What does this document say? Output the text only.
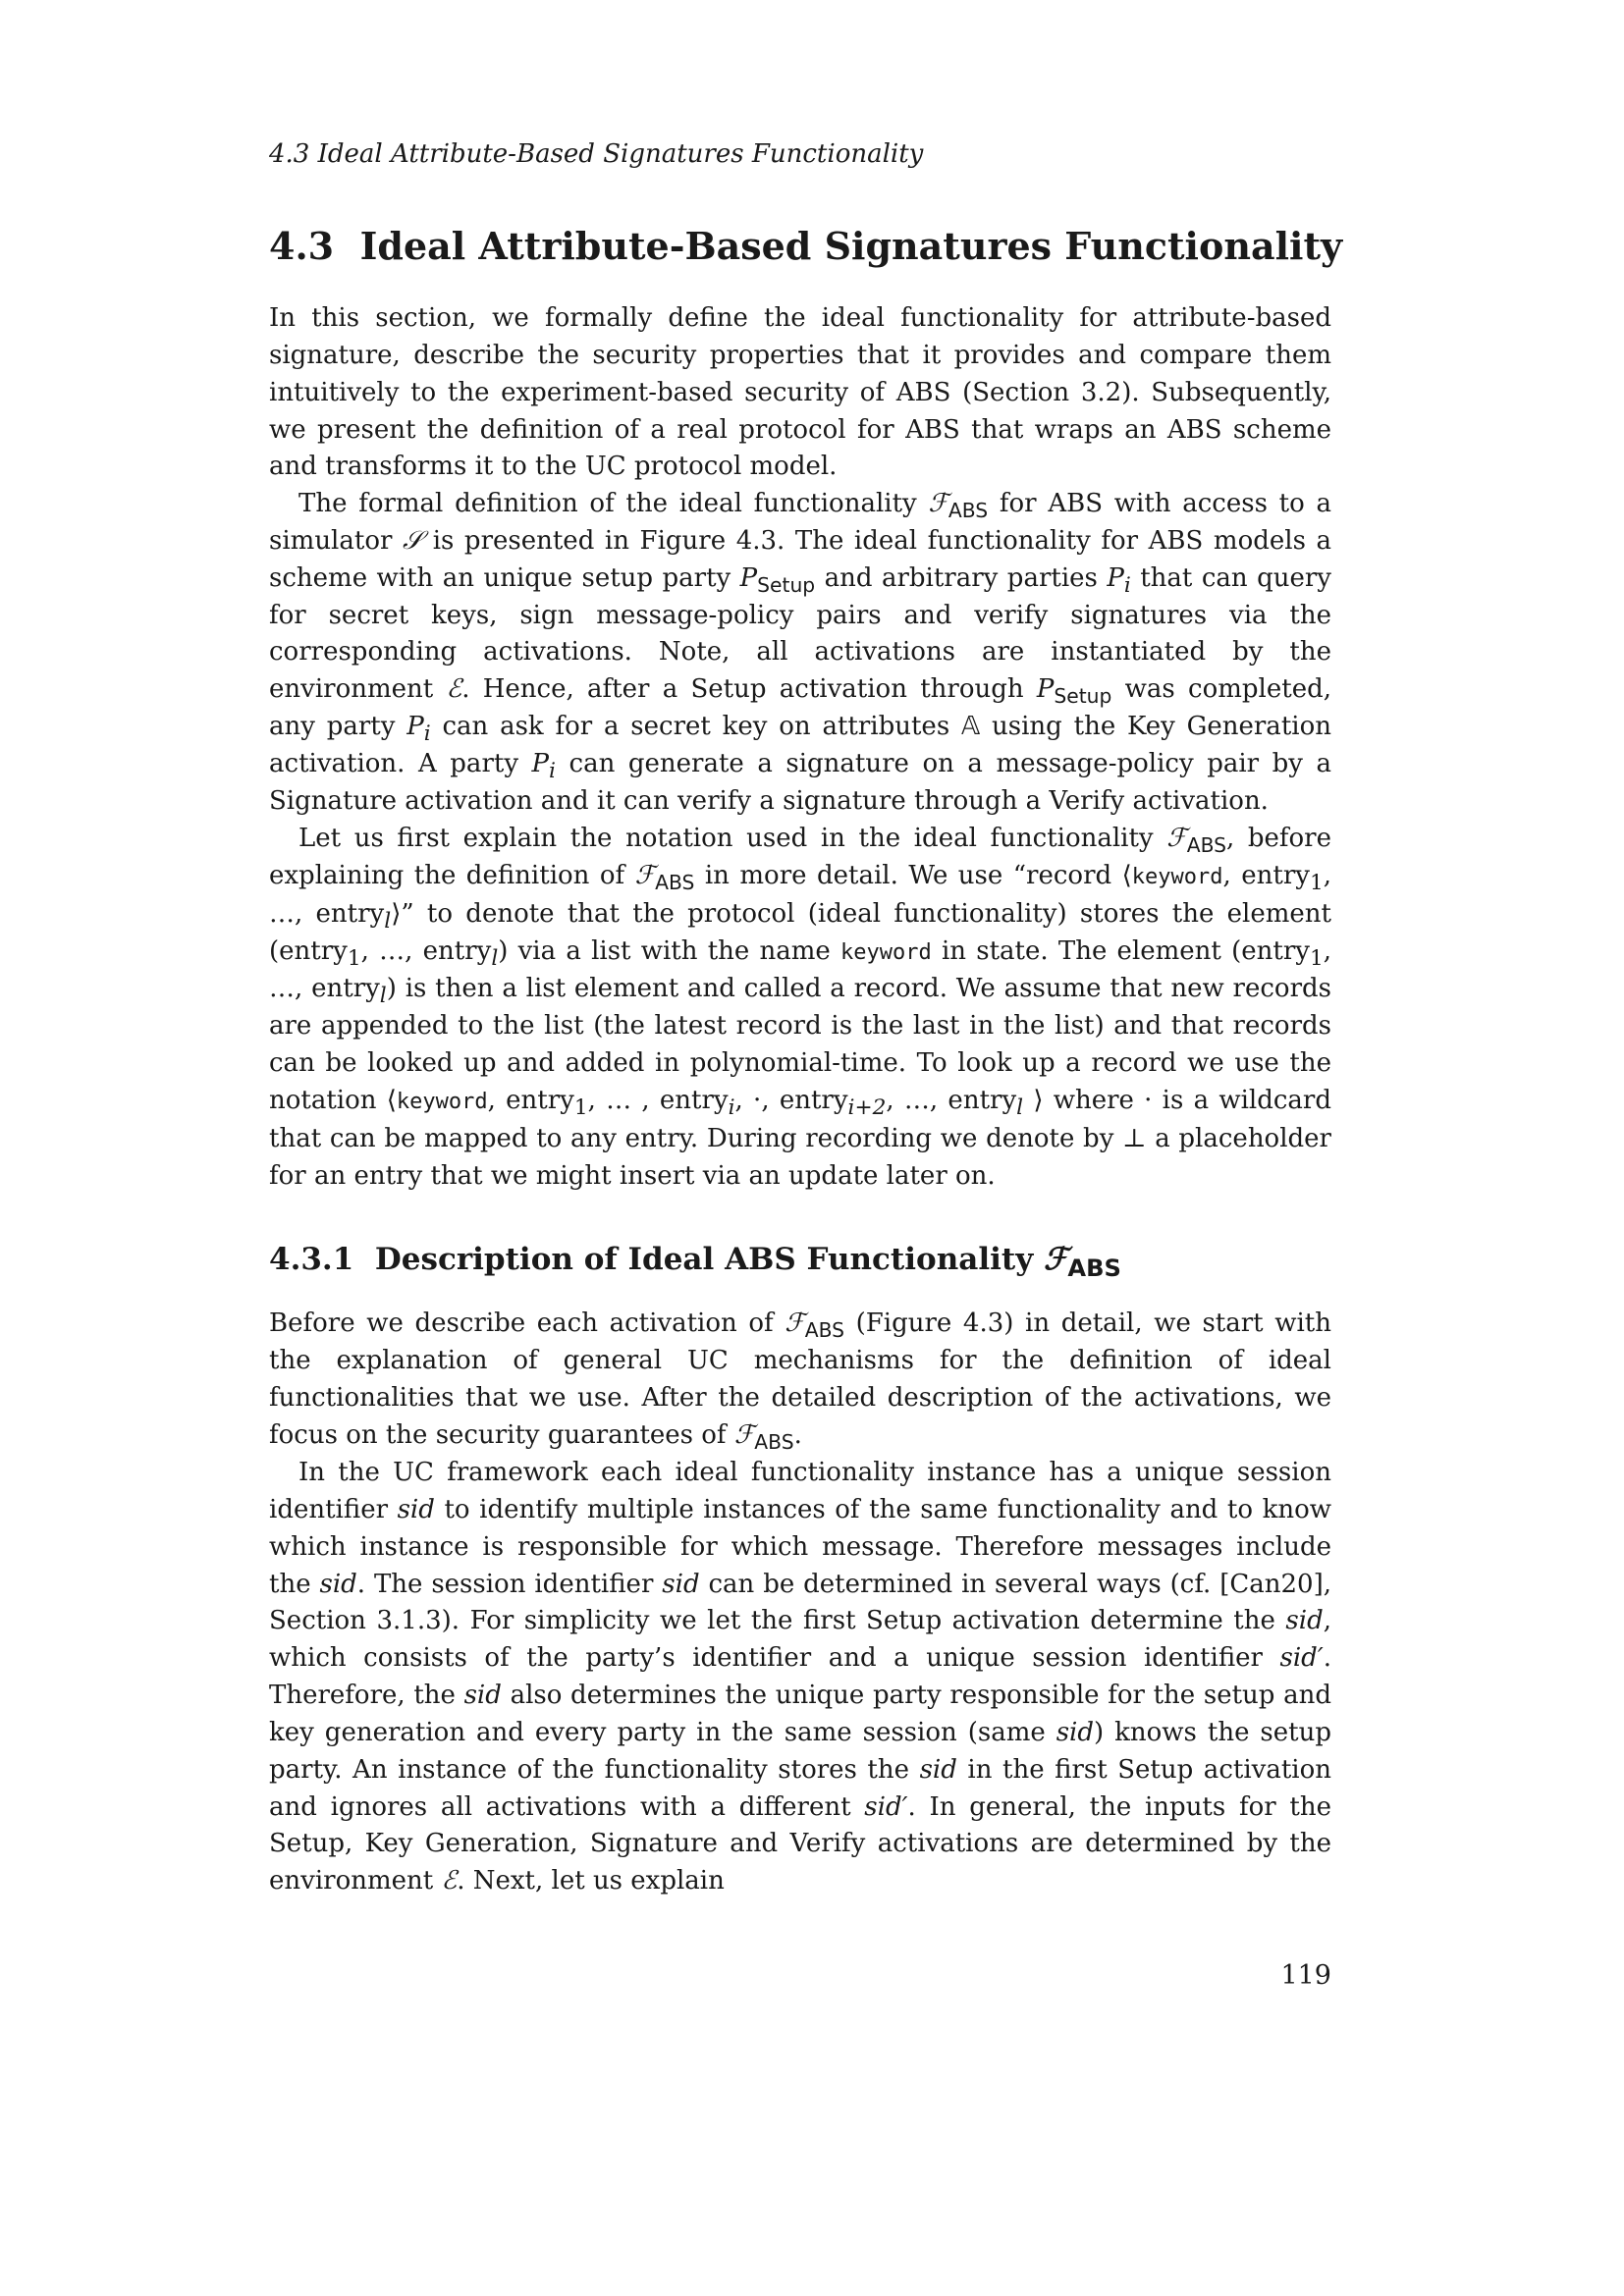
4.3 Ideal Attribute-Based Signatures Functionality
4.3 Ideal Attribute-Based Signatures Functionality

In this section, we formally define the ideal functionality for attribute-based signature, describe the security properties that it provides and compare them intuitively to the experiment-based security of ABS (Section 3.2). Subsequently, we present the definition of a real protocol for ABS that wraps an ABS scheme and transforms it to the UC protocol model.

The formal definition of the ideal functionality ℱ$_{ABS}$ for ABS with access to a simulator 𝒮 is presented in Figure 4.3. The ideal functionality for ABS models a scheme with an unique setup party $P_{Setup}$ and arbitrary parties $P_i$ that can query for secret keys, sign message-policy pairs and verify signatures via the corresponding activations. Note, all activations are instantiated by the environment ℰ. Hence, after a Setup activation through $P_{Setup}$ was completed, any party $P_i$ can ask for a secret key on attributes 𝔸 using the Key Generation activation. A party $P_i$ can generate a signature on a message-policy pair by a Signature activation and it can verify a signature through a Verify activation.

Let us first explain the notation used in the ideal functionality ℱ$_{ABS}$, before explaining the definition of ℱ$_{ABS}$ in more detail. We use “record ⟨keyword, entry$_1$, …, entry$_l$⟩” to denote that the protocol (ideal functionality) stores the element (entry$_1$, …, entry$_l$) via a list with the name keyword in state. The element (entry$_1$, …, entry$_l$) is then a list element and called a record. We assume that new records are appended to the list (the latest record is the last in the list) and that records can be looked up and added in polynomial-time. To look up a record we use the notation ⟨keyword, entry$_1$, … , entry$_i$, ·, entry$_{i+2}$, …, entry$_l$ ⟩ where · is a wildcard that can be mapped to any entry. During recording we denote by ⊥ a placeholder for an entry that we might insert via an update later on.

4.3.1 Description of Ideal ABS Functionality ℱ$_{ABS}$

Before we describe each activation of ℱ$_{ABS}$ (Figure 4.3) in detail, we start with the explanation of general UC mechanisms for the definition of ideal functionalities that we use. After the detailed description of the activations, we focus on the security guarantees of ℱ$_{ABS}$.

In the UC framework each ideal functionality instance has a unique session identifier sid to identify multiple instances of the same functionality and to know which instance is responsible for which message. Therefore messages include the sid. The session identifier sid can be determined in several ways (cf. [Can20], Section 3.1.3). For simplicity we let the first Setup activation determine the sid, which consists of the party’s identifier and a unique session identifier sid′. Therefore, the sid also determines the unique party responsible for the setup and key generation and every party in the same session (same sid) knows the setup party. An instance of the functionality stores the sid in the first Setup activation and ignores all activations with a different sid′. In general, the inputs for the Setup, Key Generation, Signature and Verify activations are determined by the environment ℰ. Next, let us explain

119
